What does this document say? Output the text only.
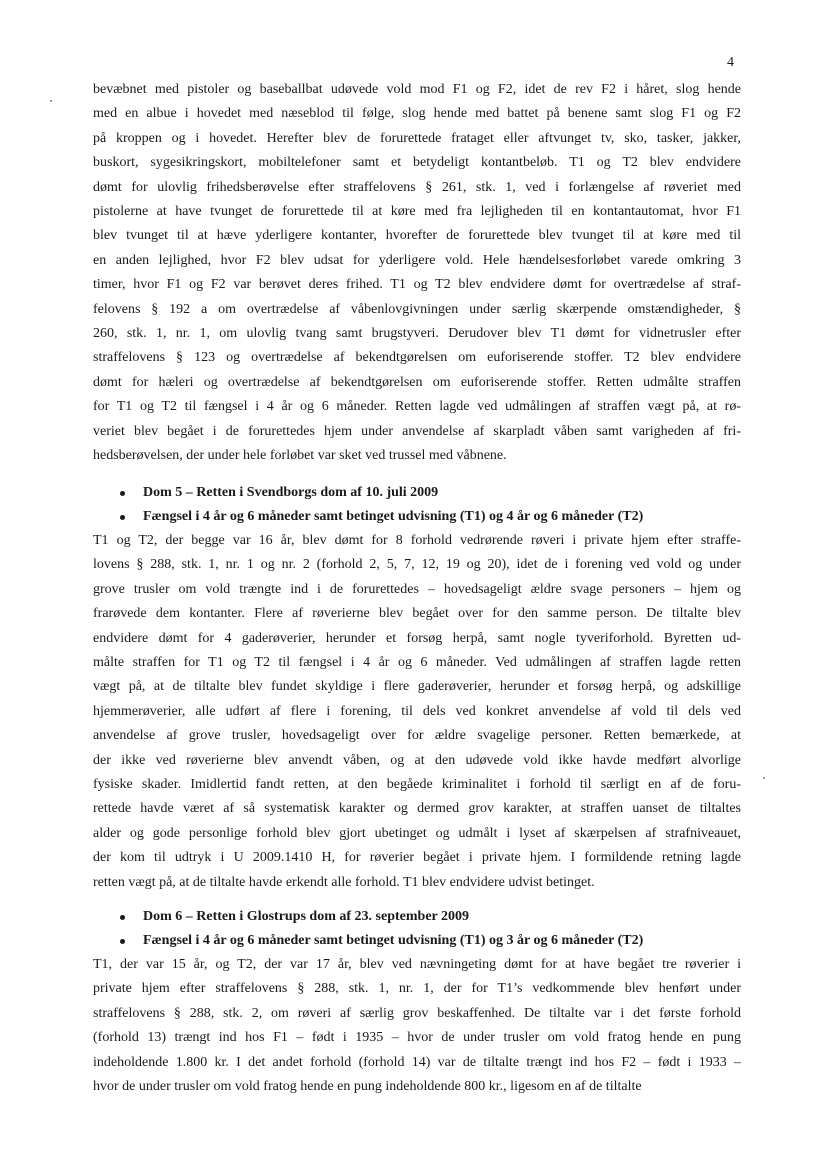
4

bevæbnet med pistoler og baseballbat udøvede vold mod F1 og F2, idet de rev F2 i håret, slog hende
med en albue i hovedet med næseblod til følge, slog hende med battet på benene samt slog F1 og F2
på kroppen og i hovedet. Herefter blev de forurettede frataget eller aftvunget tv, sko, tasker, jakker,
buskort, sygesikringskort, mobiltelefoner samt et betydeligt kontantbeløb. T1 og T2 blev endvidere
dømt for ulovlig frihedsberøvelse efter straffelovens § 261, stk. 1, ved i forlængelse af røveriet med
pistolerne at have tvunget de forurettede til at køre med fra lejligheden til en kontantautomat, hvor F1
blev tvunget til at hæve yderligere kontanter, hvorefter de forurettede blev tvunget til at køre med til
en anden lejlighed, hvor F2 blev udsat for yderligere vold. Hele hændelsesforløbet varede omkring 3
timer, hvor F1 og F2 var berøvet deres frihed. T1 og T2 blev endvidere dømt for overtrædelse af straf-
felovens § 192 a om overtrædelse af våbenlovgivningen under særlig skærpende omstændigheder, §
260, stk. 1, nr. 1, om ulovlig tvang samt brugstyveri. Derudover blev T1 dømt for vidnetrusler efter
straffelovens § 123 og overtrædelse af bekendtgørelsen om euforiserende stoffer. T2 blev endvidere
dømt for hæleri og overtrædelse af bekendtgørelsen om euforiserende stoffer. Retten udmålte straffen
for T1 og T2 til fængsel i 4 år og 6 måneder. Retten lagde ved udmålingen af straffen vægt på, at rø-
veriet blev begået i de forurettedes hjem under anvendelse af skarpladt våben samt varigheden af fri-
hedsberøvelsen, der under hele forløbet var sket ved trussel med våbnene.

Dom 5 – Retten i Svendborgs dom af 10. juli 2009
Fængsel i 4 år og 6 måneder samt betinget udvisning (T1) og 4 år og 6 måneder (T2)

T1 og T2, der begge var 16 år, blev dømt for 8 forhold vedrørende røveri i private hjem efter straffe-
lovens § 288, stk. 1, nr. 1 og nr. 2 (forhold 2, 5, 7, 12, 19 og 20), idet de i forening ved vold og under
grove trusler om vold trængte ind i de forurettedes – hovedsageligt ældre svage personers – hjem og
frarøvede dem kontanter. Flere af røverierne blev begået over for den samme person. De tiltalte blev
endvidere dømt for 4 gaderøverier, herunder et forsøg herpå, samt nogle tyveriforhold. Byretten ud-
målte straffen for T1 og T2 til fængsel i 4 år og 6 måneder. Ved udmålingen af straffen lagde retten
vægt på, at de tiltalte blev fundet skyldige i flere gaderøverier, herunder et forsøg herpå, og adskillige
hjemmerøverier, alle udført af flere i forening, til dels ved konkret anvendelse af vold til dels ved
anvendelse af grove trusler, hovedsageligt over for ældre svagelige personer. Retten bemærkede, at
der ikke ved røverierne blev anvendt våben, og at den udøvede vold ikke havde medført alvorlige
fysiske skader. Imidlertid fandt retten, at den begåede kriminalitet i forhold til særligt en af de foru-
rettede havde været af så systematisk karakter og dermed grov karakter, at straffen uanset de tiltaltes
alder og gode personlige forhold blev gjort ubetinget og udmålt i lyset af skærpelsen af strafniveauet,
der kom til udtryk i U 2009.1410 H, for røverier begået i private hjem. I formildende retning lagde
retten vægt på, at de tiltalte havde erkendt alle forhold. T1 blev endvidere udvist betinget.

Dom 6 – Retten i Glostrups dom af 23. september 2009
Fængsel i 4 år og 6 måneder samt betinget udvisning (T1) og 3 år og 6 måneder (T2)

T1, der var 15 år, og T2, der var 17 år, blev ved nævningeting dømt for at have begået tre røverier i
private hjem efter straffelovens § 288, stk. 1, nr. 1, der for T1’s vedkommende blev henført under
straffelovens § 288, stk. 2, om røveri af særlig grov beskaffenhed. De tiltalte var i det første forhold
(forhold 13) trængt ind hos F1 – født i 1935 – hvor de under trusler om vold fratog hende en pung
indeholdende 1.800 kr. I det andet forhold (forhold 14) var de tiltalte trængt ind hos F2 – født i 1933 –
hvor de under trusler om vold fratog hende en pung indeholdende 800 kr., ligesom en af de tiltalte
